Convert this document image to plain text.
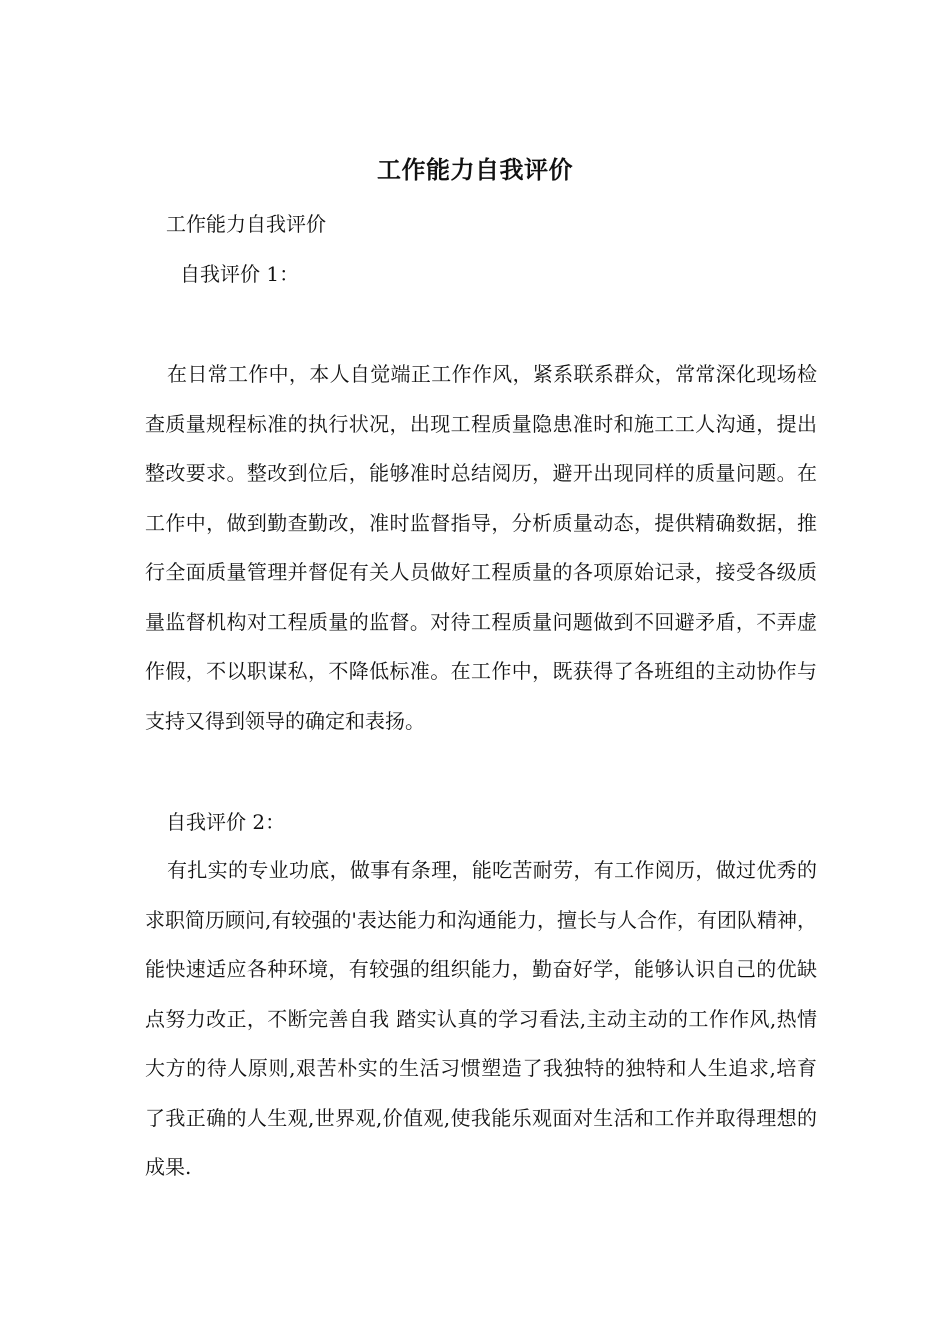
工作能力自我评价
工作能力自我评价
自我评价 1：

在日常工作中，本人自觉端正工作作风，紧系联系群众，常常深化现场检查质量规程标准的执行状况，出现工程质量隐患准时和施工工人沟通，提出整改要求。整改到位后，能够准时总结阅历，避开出现同样的质量问题。在工作中，做到勤查勤改，准时监督指导，分析质量动态，提供精确数据，推行全面质量管理并督促有关人员做好工程质量的各项原始记录，接受各级质量监督机构对工程质量的监督。对待工程质量问题做到不回避矛盾，不弄虚作假，不以职谋私，不降低标准。在工作中，既获得了各班组的主动协作与支持又得到领导的确定和表扬。

自我评价 2：

有扎实的专业功底，做事有条理，能吃苦耐劳，有工作阅历，做过优秀的求职简历顾问,有较强的'表达能力和沟通能力，擅长与人合作，有团队精神，能快速适应各种环境，有较强的组织能力，勤奋好学，能够认识自己的优缺点努力改正，不断完善自我 踏实认真的学习看法,主动主动的工作作风,热情大方的待人原则,艰苦朴实的生活习惯塑造了我独特的独特和人生追求,培育了我正确的人生观,世界观,价值观,使我能乐观面对生活和工作并取得理想的成果.
